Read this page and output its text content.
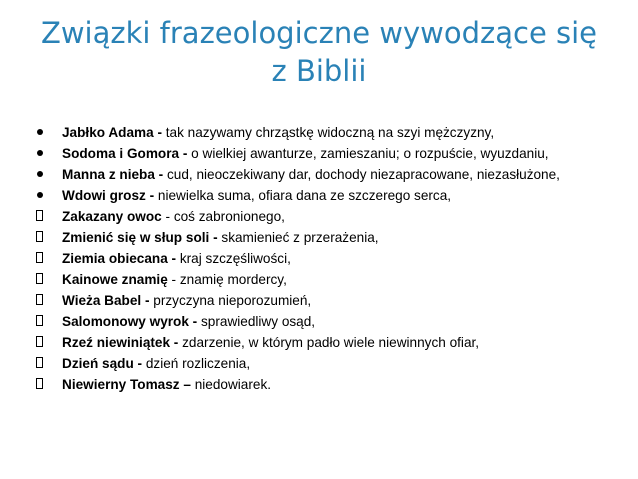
Związki frazeologiczne wywodzące się
z Biblii
Jabłko Adama - tak nazywamy chrząstkę widoczną na szyi mężczyzny,
Sodoma i Gomora - o wielkiej awanturze, zamieszaniu; o rozpuście, wyuzdaniu,
Manna z nieba - cud, nieoczekiwany dar, dochody niezapracowane, niezasłużone,
Wdowi grosz - niewielka suma, ofiara dana ze szczerego serca,
Zakazany owoc - coś zabronionego,
Zmienić się w słup soli - skamienieć z przerażenia,
Ziemia obiecana - kraj szczęśliwości,
Kainowe znamię - znamię mordercy,
Wieża Babel - przyczyna nieporozumień,
Salomonowy wyrok - sprawiedliwy osąd,
Rzeź niewiniątek - zdarzenie, w którym padło wiele niewinnych ofiar,
Dzień sądu - dzień rozliczenia,
Niewierny Tomasz – niedowiarek.
